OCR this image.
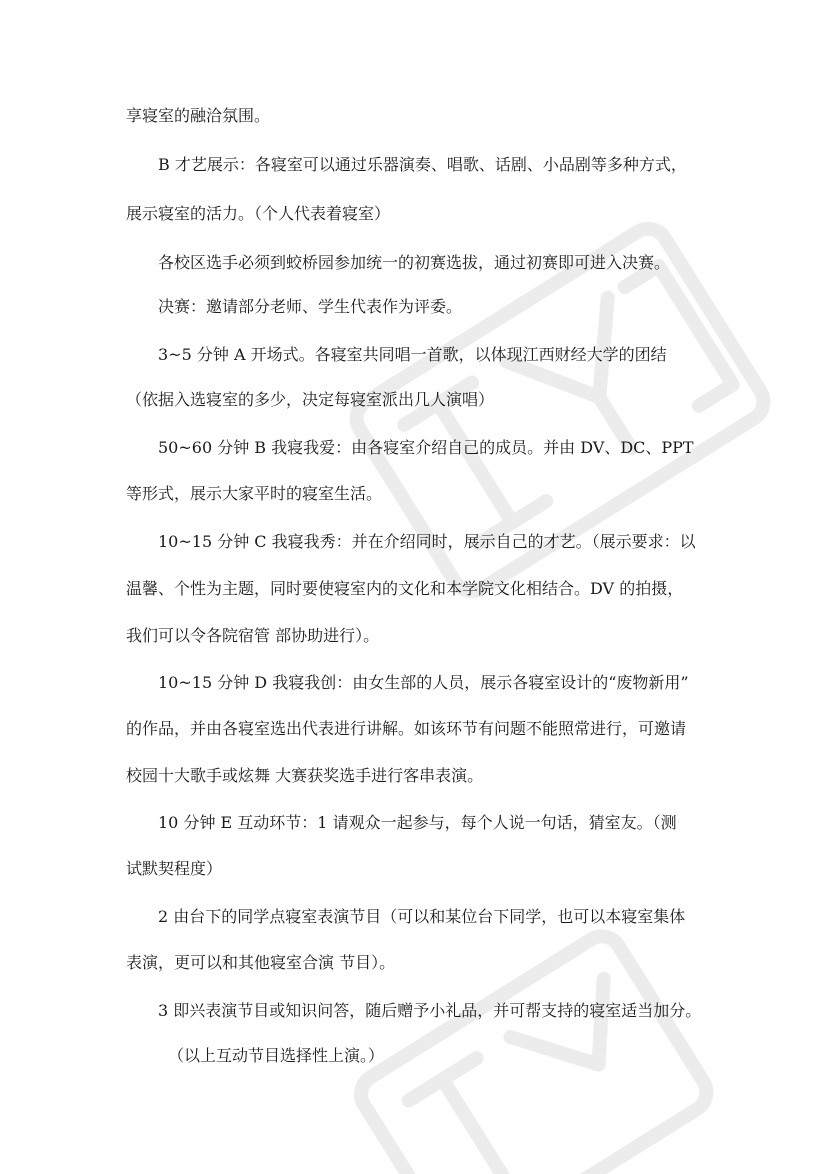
享寝室的融洽氛围。
B 才艺展示：各寝室可以通过乐器演奏、唱歌、话剧、小品剧等多种方式，
展示寝室的活力。（个人代表着寝室）
各校区选手必须到蛟桥园参加统一的初赛选拔，通过初赛即可进入决赛。
决赛：邀请部分老师、学生代表作为评委。
3~5 分钟 A 开场式。各寝室共同唱一首歌，以体现江西财经大学的团结
（依据入选寝室的多少，决定每寝室派出几人演唱）
50~60 分钟 B 我寝我爱：由各寝室介绍自己的成员。并由 DV、DC、PPT
等形式，展示大家平时的寝室生活。
10~15 分钟 C 我寝我秀：并在介绍同时，展示自己的才艺。（展示要求：以
温馨、个性为主题，同时要使寝室内的文化和本学院文化相结合。DV 的拍摄，
我们可以令各院宿管 部协助进行）。
10~15 分钟 D 我寝我创：由女生部的人员，展示各寝室设计的“废物新用”
的作品，并由各寝室选出代表进行讲解。如该环节有问题不能照常进行，可邀请
校园十大歌手或炫舞 大赛获奖选手进行客串表演。
10 分钟 E 互动环节：1 请观众一起参与，每个人说一句话，猜室友。（测
试默契程度）
2 由台下的同学点寝室表演节目（可以和某位台下同学，也可以本寝室集体
表演，更可以和其他寝室合演 节目）。
3 即兴表演节目或知识问答，随后赠予小礼品，并可帮支持的寝室适当加分。
（以上互动节目选择性上演。）
